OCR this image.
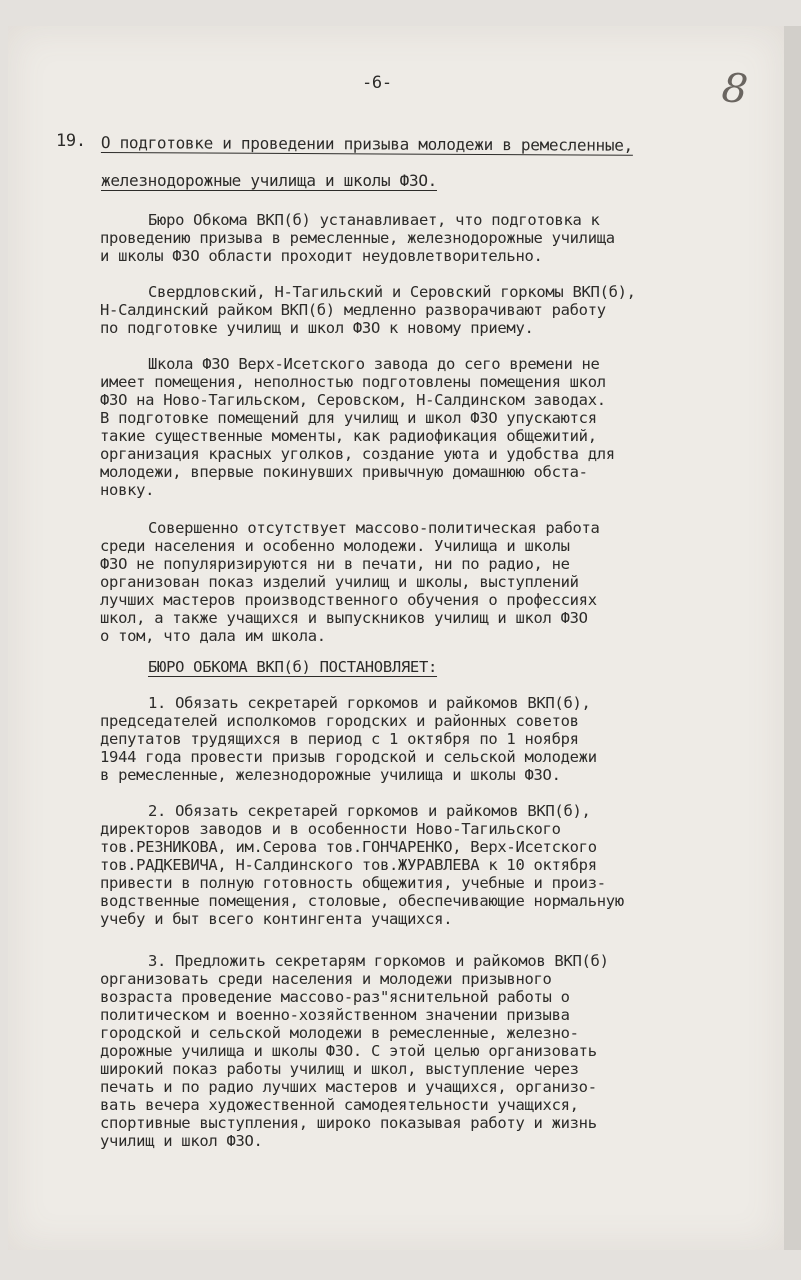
-6-	8
19. О подготовке и проведении призыва молодежи в ремесленные,
железнодорожные училища и школы ФЗО.
Бюро Обкома ВКП(б) устанавливает, что подготовка к
проведению призыва в ремесленные, железнодорожные училища
и школы ФЗО области проходит неудовлетворительно.
Свердловский, Н-Тагильский и Серовский горкомы ВКП(б),
Н-Салдинский райком ВКП(б) медленно разворачивают работу
по подготовке училищ и школ ФЗО к новому приему.
Школа ФЗО Верх-Исетского завода до сего времени не
имеет помещения, неполностью подготовлены помещения школ
ФЗО на Ново-Тагильском, Серовском, Н-Салдинском заводах.
В подготовке помещений для училищ и школ ФЗО упускаются
такие существенные моменты, как радиофикация общежитий,
организация красных уголков, создание уюта и удобства для
молодежи, впервые покинувших привычную домашнюю обста-
новку.
Совершенно отсутствует массово-политическая работа
среди населения и особенно молодежи. Училища и школы
ФЗО не популяризируются ни в печати, ни по радио, не
организован показ изделий училищ и школы, выступлений
лучших мастеров производственного обучения о профессиях
школ, а также учащихся и выпускников училищ и школ ФЗО
о том, что дала им школа.
БЮРО ОБКОМА ВКП(б) ПОСТАНОВЛЯЕТ:
1. Обязать секретарей горкомов и райкомов ВКП(б),
председателей исполкомов городских и районных советов
депутатов трудящихся в период с 1 октября по 1 ноября
1944 года провести призыв городской и сельской молодежи
в ремесленные, железнодорожные училища и школы ФЗО.
2. Обязать секретарей горкомов и райкомов ВКП(б),
директоров заводов и в особенности Ново-Тагильского
тов.РЕЗНИКОВА, им.Серова тов.ГОНЧАРЕНКО, Верх-Исетского
тов.РАДКЕВИЧА, Н-Салдинского тов.ЖУРАВЛЕВА к 10 октября
привести в полную готовность общежития, учебные и произ-
водственные помещения, столовые, обеспечивающие нормальную
учебу и быт всего контингента учащихся.
3. Предложить секретарям горкомов и райкомов ВКП(б)
организовать среди населения и молодежи призывного
возраста проведение массово-раз"яснительной работы о
политическом и военно-хозяйственном значении призыва
городской и сельской молодежи в ремесленные, железно-
дорожные училища и школы ФЗО. С этой целью организовать
широкий показ работы училищ и школ, выступление через
печать и по радио лучших мастеров и учащихся, организо-
вать вечера художественной самодеятельности учащихся,
спортивные выступления, широко показывая работу и жизнь
училищ и школ ФЗО.
